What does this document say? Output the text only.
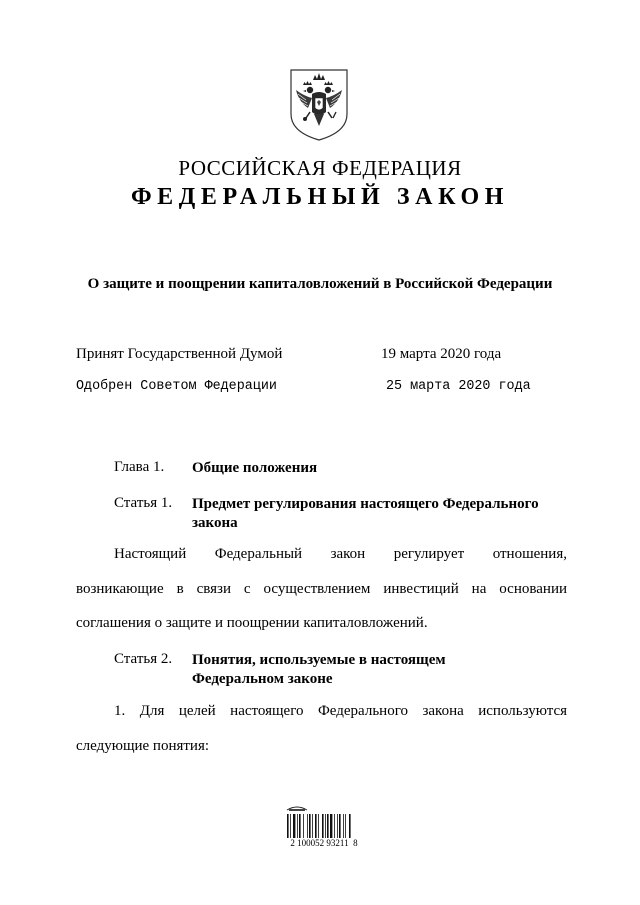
РОССИЙСКАЯ ФЕДЕРАЦИЯ
ФЕДЕРАЛЬНЫЙ ЗАКОН
О защите и поощрении капиталовложений в Российской Федерации
Принят Государственной Думой	19 марта 2020 года
Одобрен Советом Федерации	25 марта 2020 года
Глава 1. Общие положения
Статья 1. Предмет регулирования настоящего Федерального
закона
Настоящий Федеральный закон регулирует отношения,
возникающие в связи с осуществлением инвестиций на основании
соглашения о защите и поощрении капиталовложений.
Статья 2. Понятия, используемые в настоящем
Федеральном законе
1. Для целей настоящего Федерального закона используются
следующие понятия:
2 100052 93211  8
